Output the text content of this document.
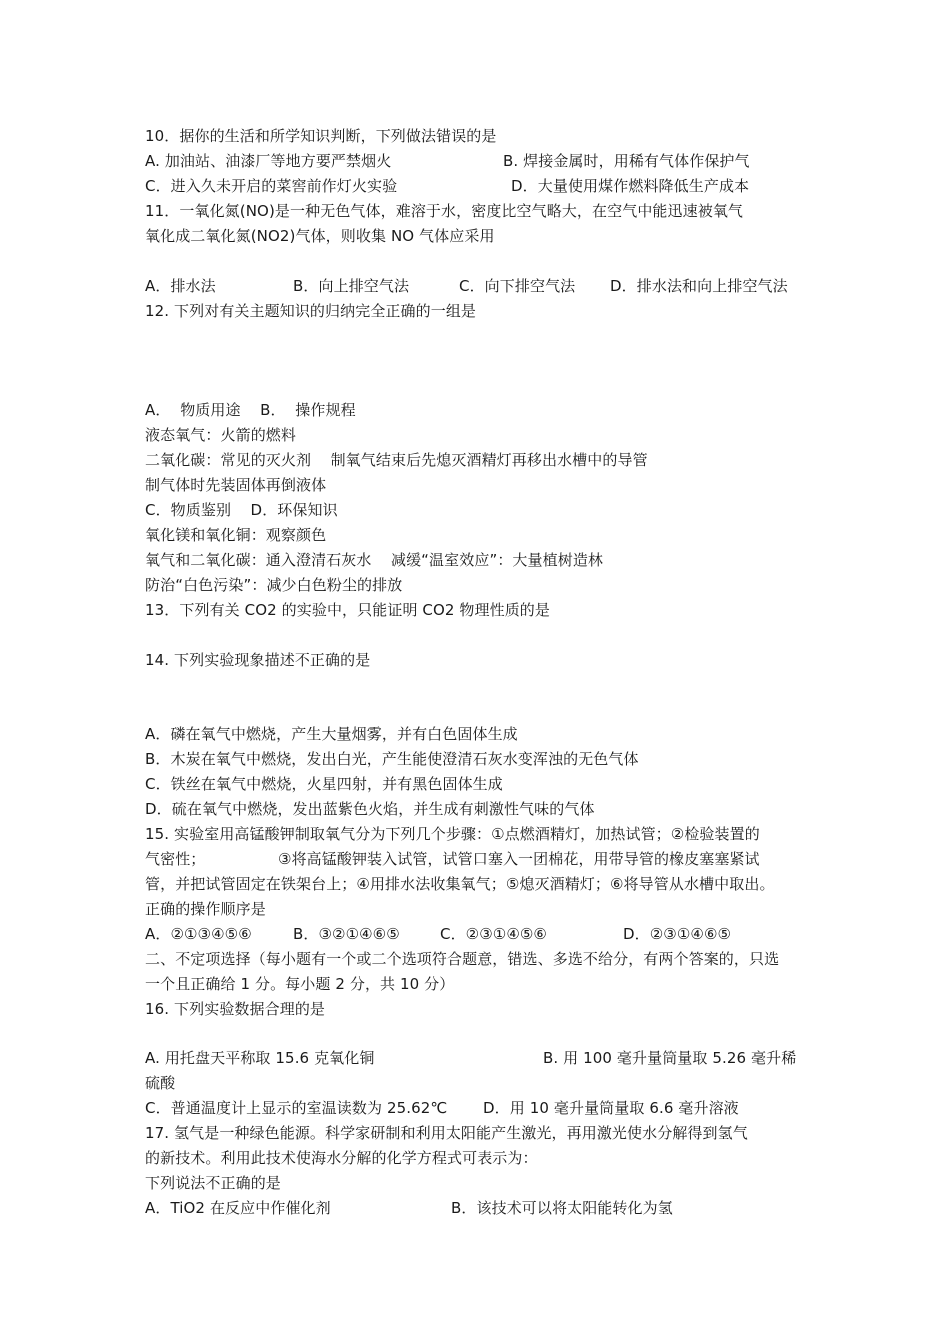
10．据你的生活和所学知识判断，下列做法错误的是

A. 加油站、油漆厂等地方要严禁烟火

	B. 焊接金属时，用稀有气体作保护气

C．进入久未开启的菜窖前作灯火实验

	D．大量使用煤作燃料降低生产成本

11．一氧化氮(NO)是一种无色气体，难溶于水，密度比空气略大，在空气中能迅速被氧气
氧化成二氧化氮(NO2)气体，则收集 NO 气体应采用

A．排水法

	B．向上排空气法

	C．向下排空气法

D．排水法和向上排空气法

12. 下列对有关主题知识的归纳完全正确的一组是
A．  物质用途    B．  操作规程
液态氧气：火箭的燃料
二氧化碳：常见的灭火剂    制氧气结束后先熄灭酒精灯再移出水槽中的导管
制气体时先装固体再倒液体
C．物质鉴别    D．环保知识
氧化镁和氧化铜：观察颜色
氧气和二氧化碳：通入澄清石灰水    减缓“温室效应”：大量植树造林
防治“白色污染”：减少白色粉尘的排放
13．下列有关 CO2 的实验中，只能证明 CO2 物理性质的是
14. 下列实验现象描述不正确的是
A．磷在氧气中燃烧，产生大量烟雾，并有白色固体生成
B．木炭在氧气中燃烧，发出白光，产生能使澄清石灰水变浑浊的无色气体
C．铁丝在氧气中燃烧，火星四射，并有黑色固体生成
D．硫在氧气中燃烧，发出蓝紫色火焰，并生成有刺激性气味的气体
15. 实验室用高锰酸钾制取氧气分为下列几个步骤：①点燃酒精灯，加热试管；②检验装置的

气密性；

	③将高锰酸钾装入试管，试管口塞入一团棉花，用带导管的橡皮塞塞紧试

管，并把试管固定在铁架台上；④用排水法收集氧气；⑤熄灭酒精灯；⑥将导管从水槽中取出。
正确的操作顺序是

A．②①③④⑤⑥

	B．③②①④⑥⑤

	C．②③①④⑤⑥

	D．②③①④⑥⑤

二、不定项选择（每小题有一个或二个选项符合题意，错选、多选不给分，有两个答案的，只选
一个且正确给 1 分。每小题 2 分，共 10 分）
16. 下列实验数据合理的是

A. 用托盘天平称取 15.6 克氧化铜

	B. 用 100 毫升量筒量取 5.26 毫升稀

硫酸

C．普通温度计上显示的室温读数为 25.62℃

D．用 10 毫升量筒量取 6.6 毫升溶液

17. 氢气是一种绿色能源。科学家研制和利用太阳能产生激光，再用激光使水分解得到氢气
的新技术。利用此技术使海水分解的化学方程式可表示为：
下列说法不正确的是

A．TiO2 在反应中作催化剂

	B．该技术可以将太阳能转化为氢
